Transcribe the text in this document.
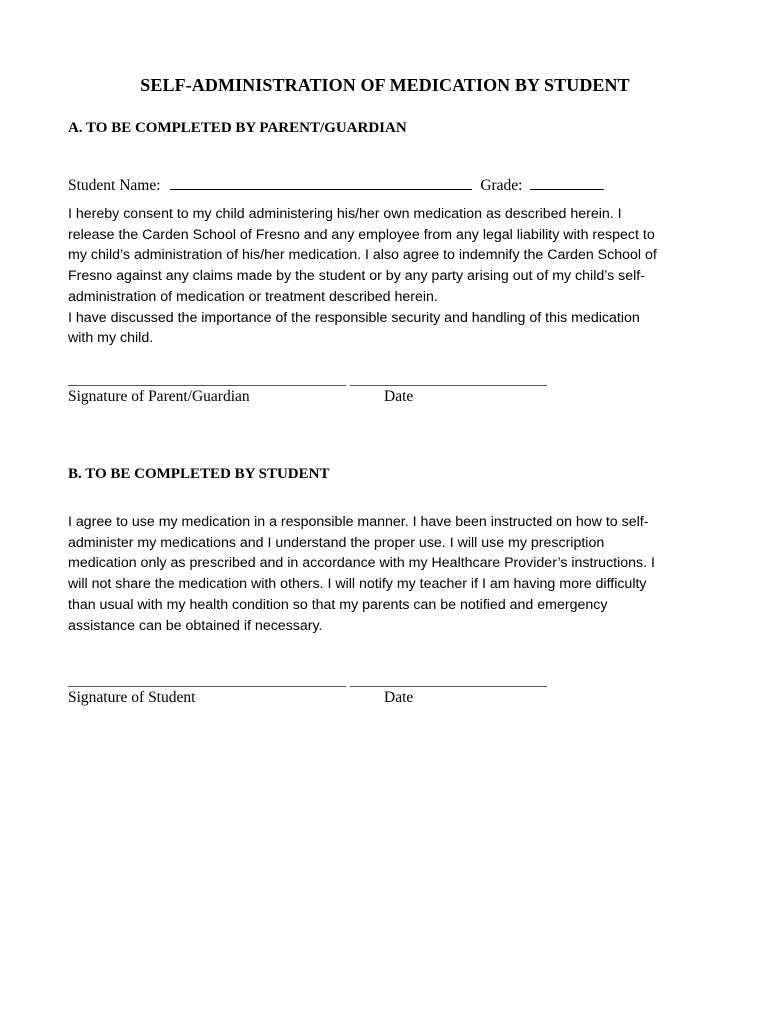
SELF-ADMINISTRATION OF MEDICATION BY STUDENT
A. TO BE COMPLETED BY PARENT/GUARDIAN
Student Name:	Grade:
I hereby consent to my child administering his/her own medication as described herein. I
release the Carden School of Fresno and any employee from any legal liability with respect to
my child’s administration of his/her medication. I also agree to indemnify the Carden School of
Fresno against any claims made by the student or by any party arising out of my child’s self-
administration of medication or treatment described herein.
I have discussed the importance of the responsible security and handling of this medication
with my child.
Signature of Parent/Guardian	Date
B. TO BE COMPLETED BY STUDENT
I agree to use my medication in a responsible manner. I have been instructed on how to self-
administer my medications and I understand the proper use. I will use my prescription
medication only as prescribed and in accordance with my Healthcare Provider’s instructions. I
will not share the medication with others. I will notify my teacher if I am having more difficulty
than usual with my health condition so that my parents can be notified and emergency
assistance can be obtained if necessary.
Signature of Student	Date
